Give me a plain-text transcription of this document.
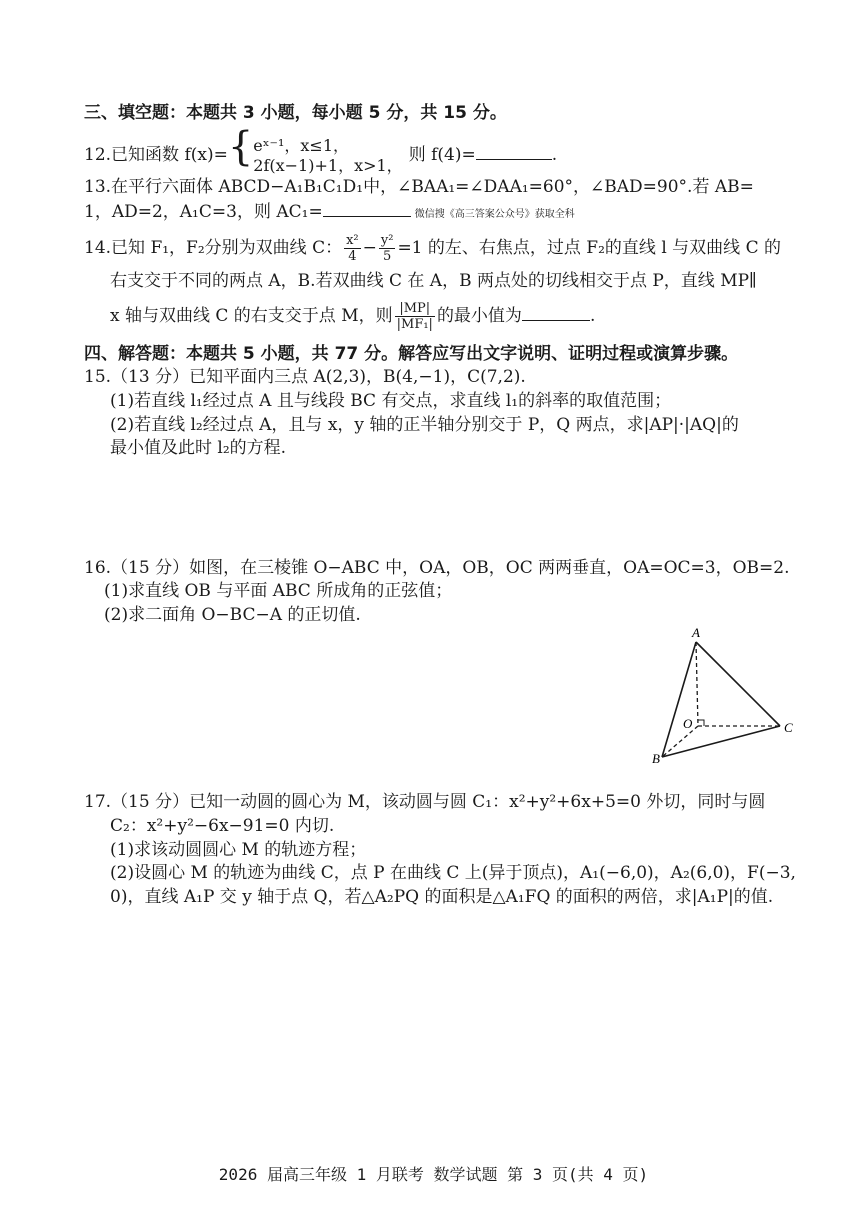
三、填空题：本题共 3 小题，每小题 5 分，共 15 分。
12.已知函数 f(x)={ eˣ⁻¹，x≤1，
2f(x−1)+1，x>1， 则 f(4)=	.
13.在平行六面体 ABCD−A₁B₁C₁D₁中，∠BAA₁=∠DAA₁=60°，∠BAD=90°.若 AB=
1，AD=2，A₁C=3，则 AC₁=	微信搜《高三答案公众号》获取全科
14.已知 F₁，F₂分别为双曲线 C： $\frac{\text{x²}}{4} - \frac{\text{y²}}{5} =1$ 的左、右焦点，过点 F₂的直线 l 与双曲线 C 的
右支交于不同的两点 A，B.若双曲线 C 在 A，B 两点处的切线相交于点 P，直线 MP∥
x 轴与双曲线 C 的右支交于点 M，则 $\frac{|MP|}{\text{|MF₁|}}$ 的最小值为	.
四、解答题：本题共 5 小题，共 77 分。解答应写出文字说明、证明过程或演算步骤。
15.（13 分）已知平面内三点 A(2,3)，B(4,−1)，C(7,2).
(1)若直线 l₁经过点 A 且与线段 BC 有交点，求直线 l₁的斜率的取值范围；
(2)若直线 l₂经过点 A，且与 x，y 轴的正半轴分别交于 P，Q 两点，求|AP|·|AQ|的
最小值及此时 l₂的方程.
16.（15 分）如图，在三棱锥 O−ABC 中，OA，OB，OC 两两垂直，OA=OC=3，OB=2.
(1)求直线 OB 与平面 ABC 所成角的正弦值；
(2)求二面角 O−BC−A 的正切值.
A
O
B
C
17.（15 分）已知一动圆的圆心为 M，该动圆与圆 C₁：x²+y²+6x+5=0 外切，同时与圆
C₂：x²+y²−6x−91=0 内切.
(1)求该动圆圆心 M 的轨迹方程；
(2)设圆心 M 的轨迹为曲线 C，点 P 在曲线 C 上(异于顶点)，A₁(−6,0)，A₂(6,0)，F(−3,
0)，直线 A₁P 交 y 轴于点 Q，若△A₂PQ 的面积是△A₁FQ 的面积的两倍，求|A₁P|的值.
2026 届高三年级 1 月联考 数学试题 第 3 页(共 4 页)
